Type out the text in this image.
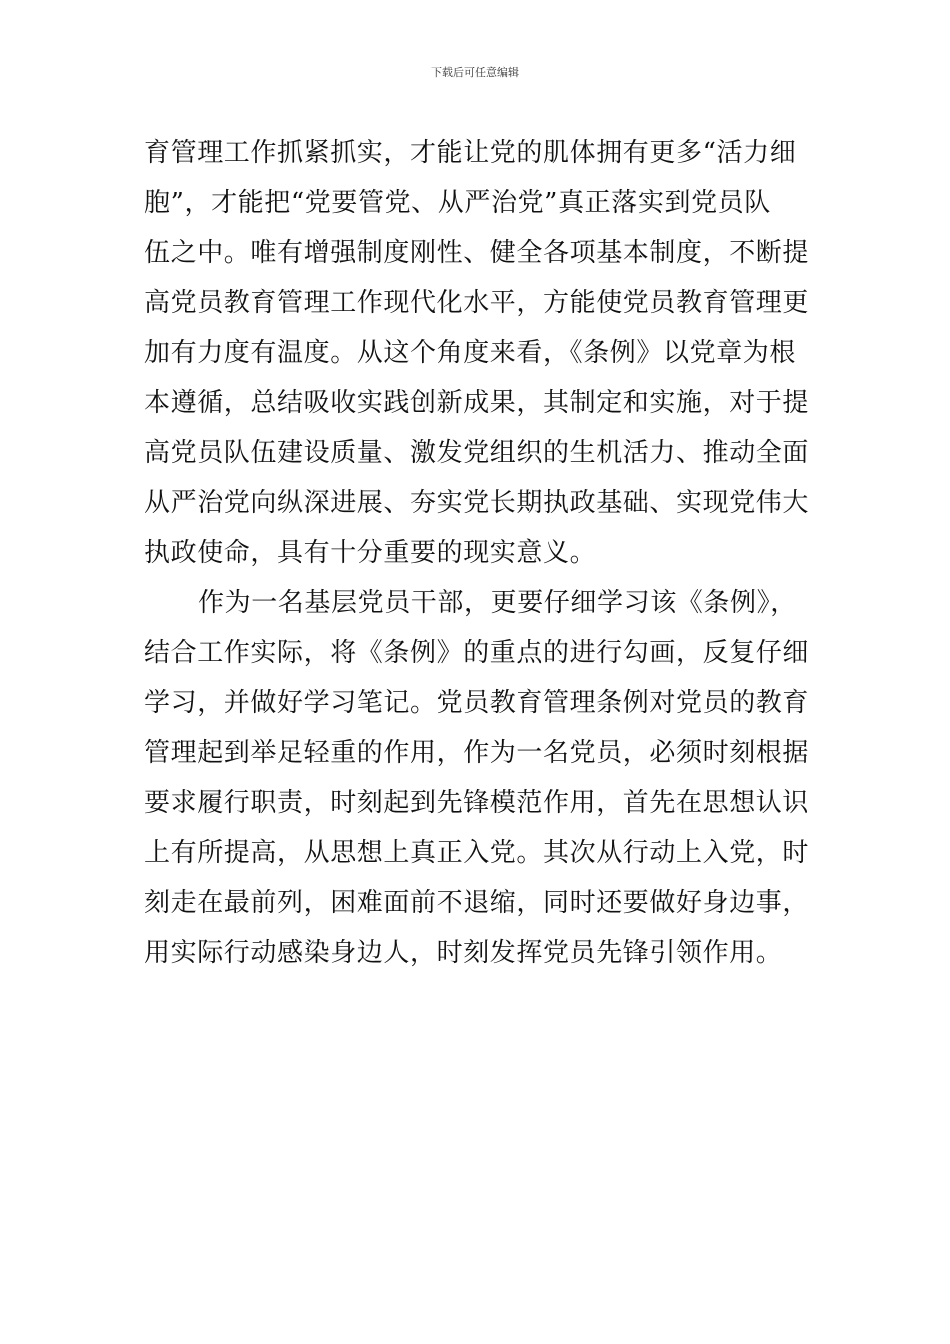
下载后可任意编辑
育管理工作抓紧抓实，才能让党的肌体拥有更多“活力细
胞”，才能把“党要管党、从严治党”真正落实到党员队
伍之中。唯有增强制度刚性、健全各项基本制度，不断提
高党员教育管理工作现代化水平，方能使党员教育管理更
加有力度有温度。从这个角度来看，《条例》以党章为根
本遵循，总结吸收实践创新成果，其制定和实施，对于提
高党员队伍建设质量、激发党组织的生机活力、推动全面
从严治党向纵深进展、夯实党长期执政基础、实现党伟大
执政使命，具有十分重要的现实意义。
作为一名基层党员干部，更要仔细学习该《条例》，
结合工作实际，将《条例》的重点的进行勾画，反复仔细
学习，并做好学习笔记。党员教育管理条例对党员的教育
管理起到举足轻重的作用，作为一名党员，必须时刻根据
要求履行职责，时刻起到先锋模范作用，首先在思想认识
上有所提高，从思想上真正入党。其次从行动上入党，时
刻走在最前列，困难面前不退缩，同时还要做好身边事，
用实际行动感染身边人，时刻发挥党员先锋引领作用。
